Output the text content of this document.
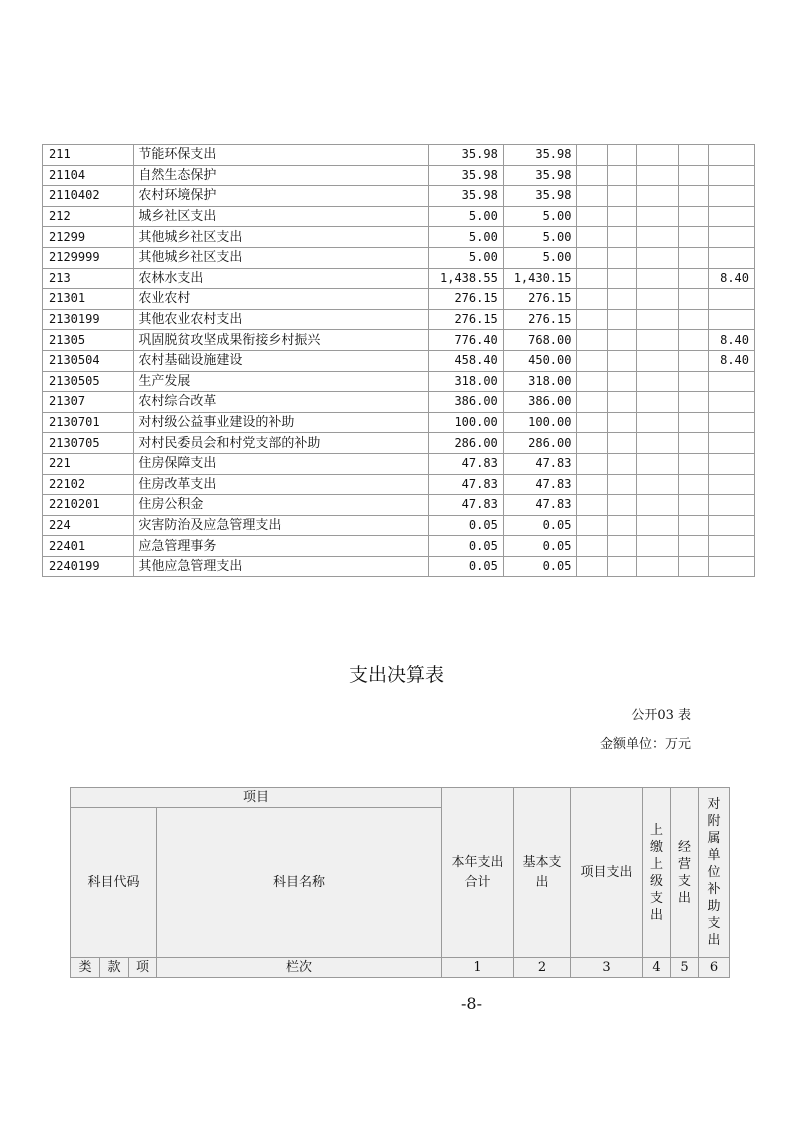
211	节能环保支出	35.98	35.98					
21104	自然生态保护	35.98	35.98					
2110402	农村环境保护	35.98	35.98					
212	城乡社区支出	5.00	5.00					
21299	其他城乡社区支出	5.00	5.00					
2129999	其他城乡社区支出	5.00	5.00					
213	农林水支出	1,438.55	1,430.15					8.40
21301	农业农村	276.15	276.15					
2130199	其他农业农村支出	276.15	276.15					
21305	巩固脱贫攻坚成果衔接乡村振兴	776.40	768.00					8.40
2130504	农村基础设施建设	458.40	450.00					8.40
2130505	生产发展	318.00	318.00					
21307	农村综合改革	386.00	386.00					
2130701	对村级公益事业建设的补助	100.00	100.00					
2130705	对村民委员会和村党支部的补助	286.00	286.00					
221	住房保障支出	47.83	47.83					
22102	住房改革支出	47.83	47.83					
2210201	住房公积金	47.83	47.83					
224	灾害防治及应急管理支出	0.05	0.05					
22401	应急管理事务	0.05	0.05					
2240199	其他应急管理支出	0.05	0.05					
支出决算表
公开03 表
金额单位：万元
项目				本年支出合计	基本支出	项目支出	上缴上级支出	经营支出	对附属单位补助支出
科目代码			科目名称						
类	款	项	栏次	1	2	3	4	5	6
-8-
